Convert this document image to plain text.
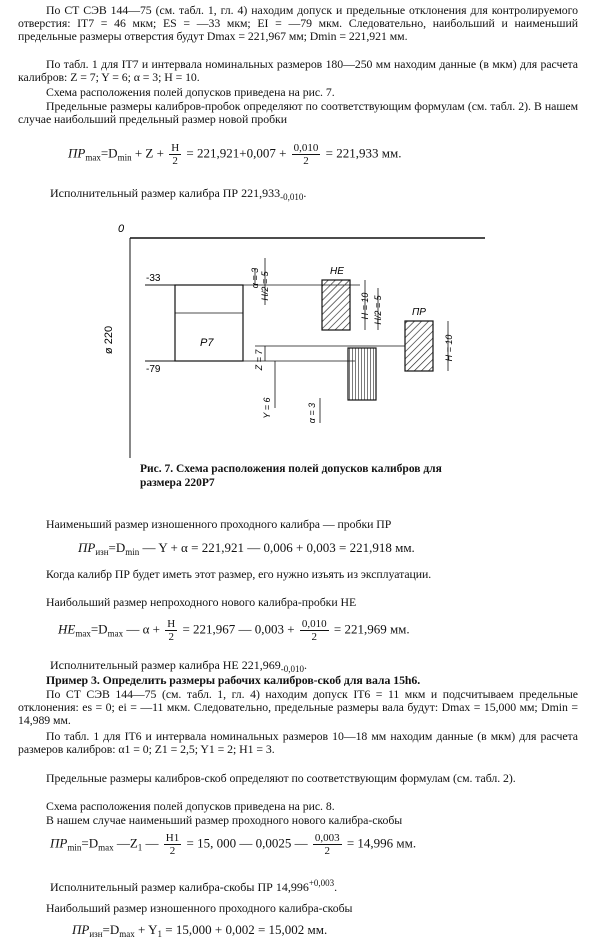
По СТ СЭВ 144—75 (см. табл. 1, гл. 4) находим допуск и предельные отклонения для контролируемого отверстия: IT7 = 46 мкм; ES = —33 мкм; EI = —79 мкм. Следовательно, наибольший и наименьший предельные размеры отверстия будут Dmax = 221,967 мм; Dmin = 221,921 мм.
По табл. 1 для IT7 и интервала номинальных размеров 180—250 мм находим данные (в мкм) для расчета калибров: Z = 7; Y = 6; α = 3; H = 10.
Схема расположения полей допусков приведена на рис. 7.
Предельные размеры калибров-пробок определяют по соответствующим формулам (см. табл. 2). В нашем случае наибольший предельный размер новой пробки
$ПР_{max}=D_{min} + Z + \frac{H}{2} = 221,921+0,007 + \frac{0,010}{2} = 221,933$ мм.
Исполнительный размер калибра ПР $221,933_{-0,010}$.
0
ø 220
-33
-79
P7
НЕ
α = 3 H/2 = 5
H = 10 H/2 = 5	ПР
H = 10
Z = 7
Y = 6	α = 3
Рис. 7. Схема расположения полей допусков калибров для размера 220P7
Наименьший размер изношенного проходного калибра — пробки ПР
$ПР_{изн}=D_{min}$ — Y + α = 221,921 — 0,006 + 0,003 = 221,918 мм.
Когда калибр ПР будет иметь этот размер, его нужно изъять из эксплуатации.
Наибольший размер непроходного нового калибра-пробки НЕ
$НЕ_{max}=D_{max}$ — $\alpha + \frac{H}{2} = 221,967$ — $0,003 + \frac{0,010}{2} = 221,969$ мм.
Исполнительный размер калибра НЕ $221,969_{-0,010}$.
Пример 3. Определить размеры рабочих калибров-скоб для вала 15h6.
По СТ СЭВ 144—75 (см. табл. 1, гл. 4) находим допуск IT6 = 11 мкм и подсчитываем предельные отклонения: es = 0; ei = —11 мкм. Следовательно, предельные размеры вала будут: Dmax = 15,000 мм; Dmin = 14,989 мм.
По табл. 1 для IT6 и интервала номинальных размеров 10—18 мм находим данные (в мкм) для расчета размеров калибров: α1 = 0; Z1 = 2,5; Y1 = 2; H1 = 3.
Предельные размеры калибров-скоб определяют по соответствующим формулам (см. табл. 2).
Схема расположения полей допусков приведена на рис. 8.
В нашем случае наименьший размер проходного нового калибра-скобы
$ПР_{min}=D_{max}$ $—Z_1$ — $\frac{H1}{2} = 15$, 000 — 0,0025 — $\frac{0,003}{2} = 14,996$ мм.
Исполнительный размер калибра-скобы ПР $14,996^{+0,003}$.
Наибольший размер изношенного проходного калибра-скобы
$ПР_{изн}=D_{max} + Y_1 = 15,000 + 0,002 = 15,002$ мм.
